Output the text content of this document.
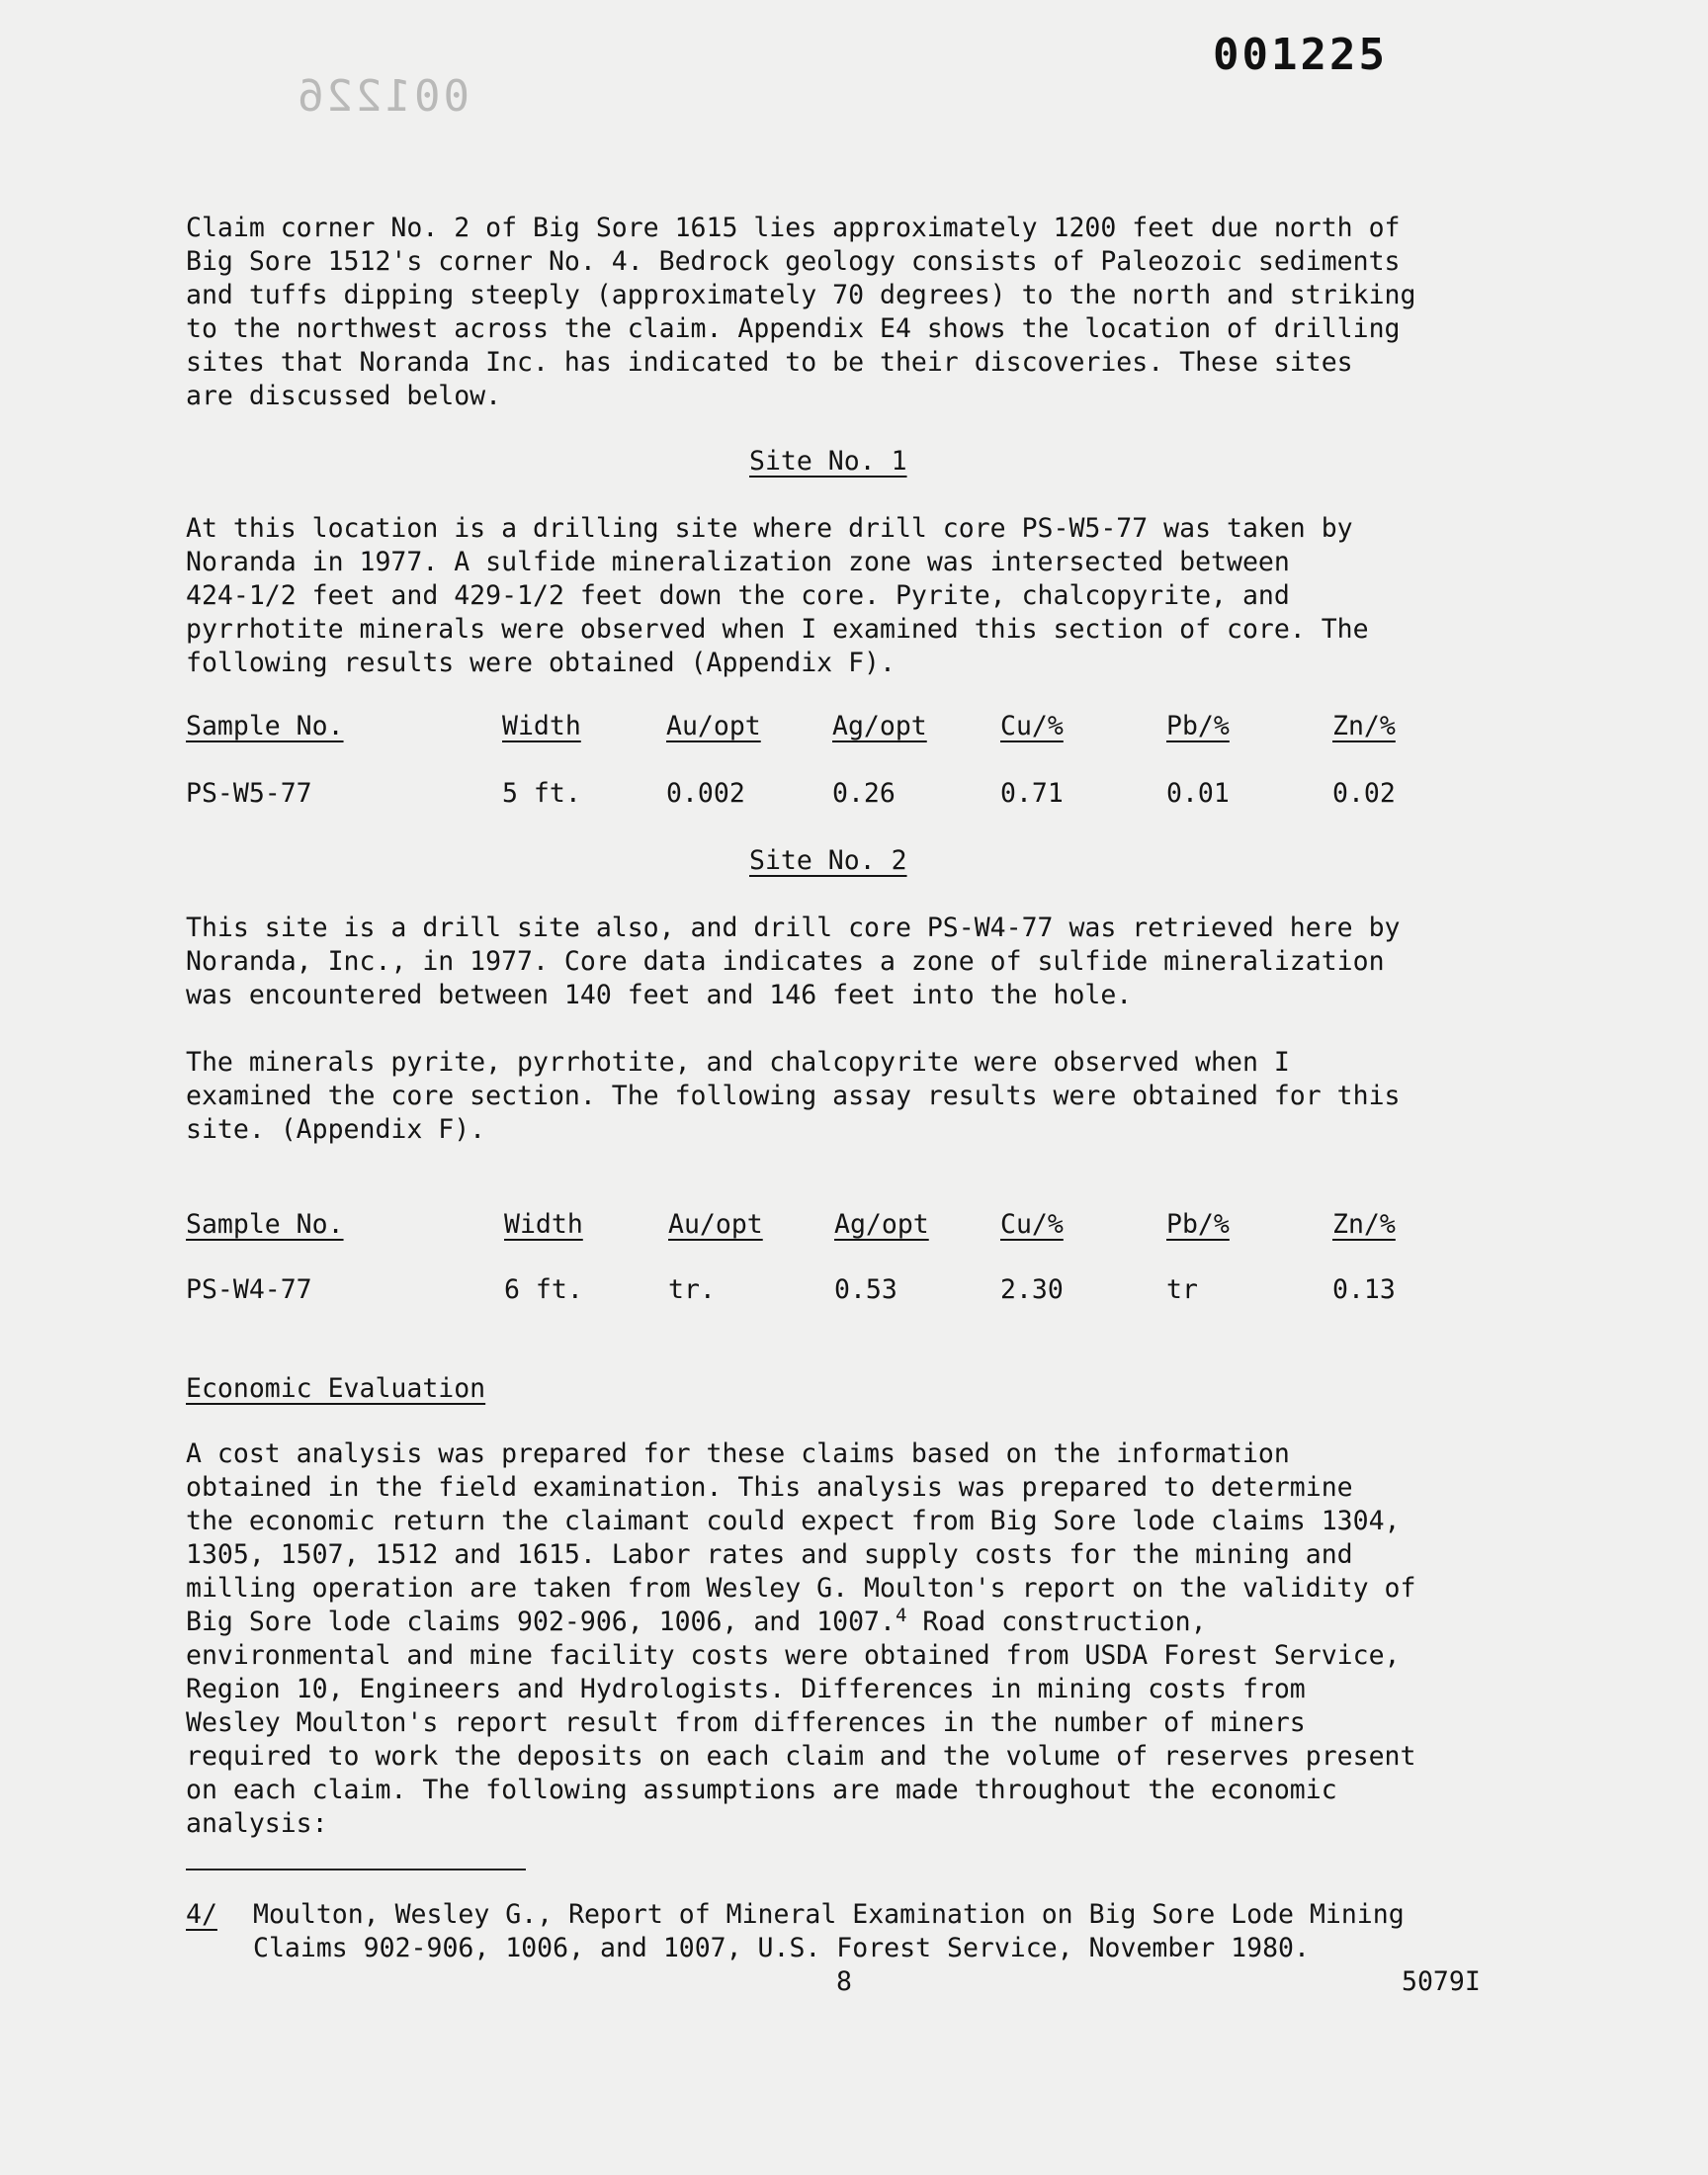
001226
001225

Claim corner No. 2 of Big Sore 1615 lies approximately 1200 feet due north of
Big Sore 1512's corner No. 4. Bedrock geology consists of Paleozoic sediments
and tuffs dipping steeply (approximately 70 degrees) to the north and striking
to the northwest across the claim. Appendix E4 shows the location of drilling
sites that Noranda Inc. has indicated to be their discoveries. These sites
are discussed below.

Site No. 1

At this location is a drilling site where drill core PS-W5-77 was taken by
Noranda in 1977. A sulfide mineralization zone was intersected between
424-1/2 feet and 429-1/2 feet down the core. Pyrite, chalcopyrite, and
pyrrhotite minerals were observed when I examined this section of core. The
following results were obtained (Appendix F).

Sample No.	Width	Au/opt	Ag/opt	Cu/%	Pb/%	Zn/%
PS-W5-77	5 ft.	0.002	0.26	0.71	0.01	0.02
Site No. 2

This site is a drill site also, and drill core PS-W4-77 was retrieved here by
Noranda, Inc., in 1977. Core data indicates a zone of sulfide mineralization
was encountered between 140 feet and 146 feet into the hole.

The minerals pyrite, pyrrhotite, and chalcopyrite were observed when I
examined the core section. The following assay results were obtained for this
site. (Appendix F).

Sample No.	Width	Au/opt	Ag/opt	Cu/%	Pb/%	Zn/%
PS-W4-77	6 ft.	tr.	0.53	2.30	tr	0.13
Economic Evaluation

A cost analysis was prepared for these claims based on the information
obtained in the field examination. This analysis was prepared to determine
the economic return the claimant could expect from Big Sore lode claims 1304,
1305, 1507, 1512 and 1615. Labor rates and supply costs for the mining and
milling operation are taken from Wesley G. Moulton's report on the validity of
Big Sore lode claims 902-906, 1006, and 1007.$^4$ Road construction,
environmental and mine facility costs were obtained from USDA Forest Service,
Region 10, Engineers and Hydrologists. Differences in mining costs from
Wesley Moulton's report result from differences in the number of miners
required to work the deposits on each claim and the volume of reserves present
on each claim. The following assumptions are made throughout the economic
analysis:

4/ Moulton, Wesley G., Report of Mineral Examination on Big Sore Lode Mining
Claims 902-906, 1006, and 1007, U.S. Forest Service, November 1980.
8	5079I
